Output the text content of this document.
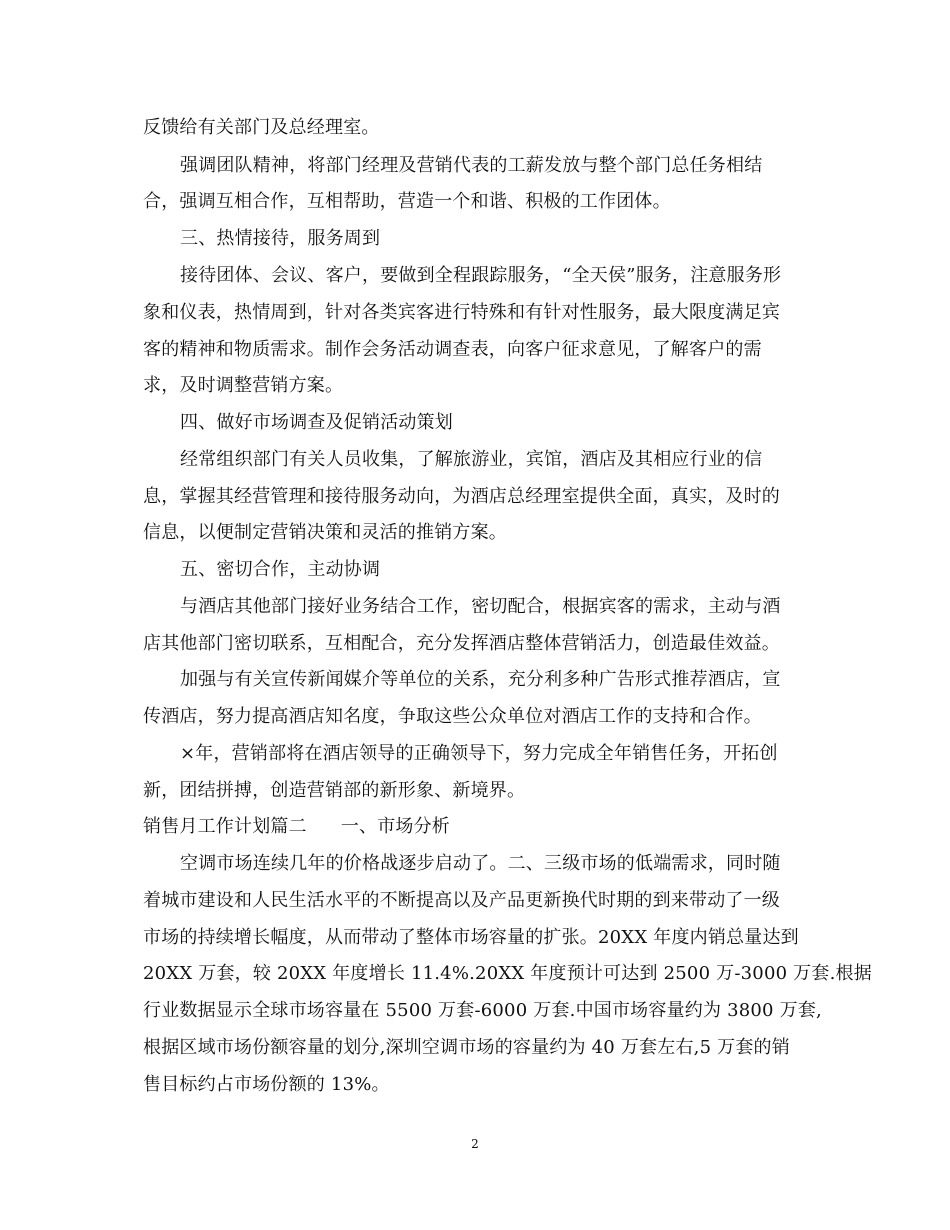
反馈给有关部门及总经理室。
强调团队精神，将部门经理及营销代表的工薪发放与整个部门总任务相结
合，强调互相合作，互相帮助，营造一个和谐、积极的工作团体。
三、热情接待，服务周到
接待团体、会议、客户，要做到全程跟踪服务，“全天侯”服务，注意服务形
象和仪表，热情周到，针对各类宾客进行特殊和有针对性服务，最大限度满足宾
客的精神和物质需求。制作会务活动调查表，向客户征求意见，了解客户的需
求，及时调整营销方案。
四、做好市场调查及促销活动策划
经常组织部门有关人员收集，了解旅游业，宾馆，酒店及其相应行业的信
息，掌握其经营管理和接待服务动向，为酒店总经理室提供全面，真实，及时的
信息，以便制定营销决策和灵活的推销方案。
五、密切合作，主动协调
与酒店其他部门接好业务结合工作，密切配合，根据宾客的需求，主动与酒
店其他部门密切联系，互相配合，充分发挥酒店整体营销活力，创造最佳效益。
加强与有关宣传新闻媒介等单位的关系，充分利多种广告形式推荐酒店，宣
传酒店，努力提高酒店知名度，争取这些公众单位对酒店工作的支持和合作。
×年，营销部将在酒店领导的正确领导下，努力完成全年销售任务，开拓创
新，团结拼搏，创造营销部的新形象、新境界。
销售月工作计划篇二 一、市场分析
空调市场连续几年的价格战逐步启动了。二、三级市场的低端需求，同时随
着城市建设和人民生活水平的不断提高以及产品更新换代时期的到来带动了一级
市场的持续增长幅度，从而带动了整体市场容量的扩张。20XX 年度内销总量达到
20XX 万套，较 20XX 年度增长 11.4%.20XX 年度预计可达到 2500 万-3000 万套.根据
行业数据显示全球市场容量在 5500 万套-6000 万套.中国市场容量约为 3800 万套,
根据区域市场份额容量的划分,深圳空调市场的容量约为 40 万套左右,5 万套的销
售目标约占市场份额的 13%。
2
